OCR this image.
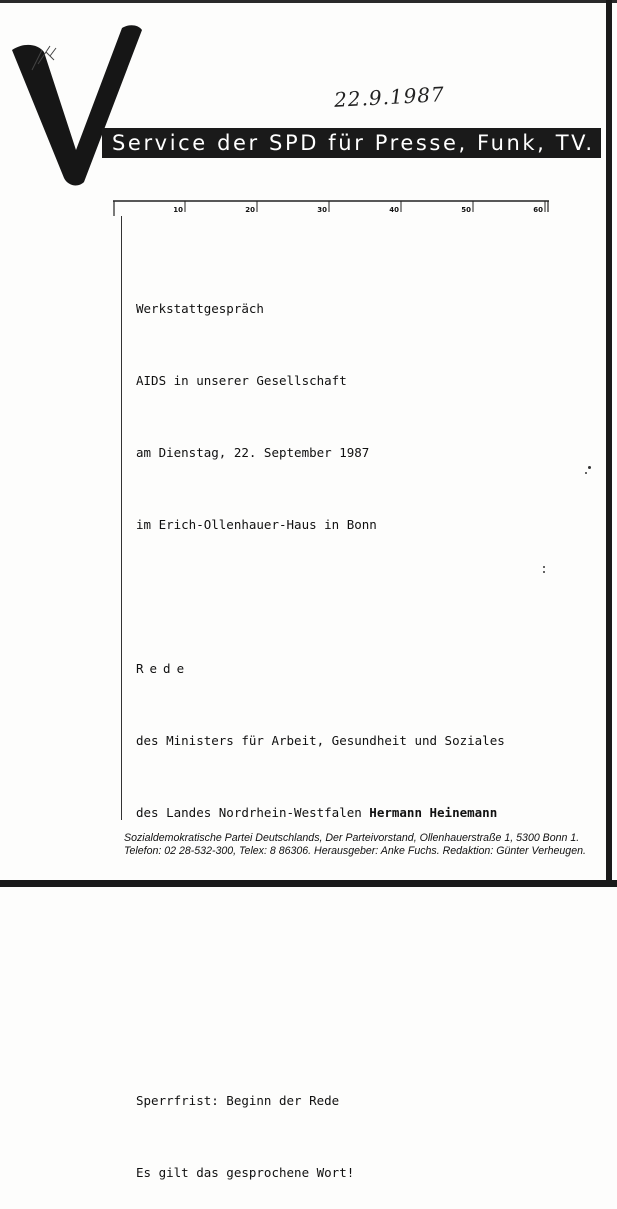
Service der SPD für Presse, Funk, TV.
22.9.1987
10	20	30	40	50	60

Werkstattgespräch

AIDS in unserer Gesellschaft

am Dienstag, 22. September 1987

im Erich-Ollenhauer-Haus in Bonn

Rede

des Ministers für Arbeit, Gesundheit und Soziales

des Landes Nordrhein-Westfalen Hermann Heinemann

Sperrfrist: Beginn der Rede

Es gilt das gesprochene Wort!

Sozialdemokratische Partei Deutschlands, Der Parteivorstand, Ollenhauerstraße 1, 5300 Bonn 1.
Telefon: 02 28-532-300, Telex: 8 86306. Herausgeber: Anke Fuchs. Redaktion: Günter Verheugen.
